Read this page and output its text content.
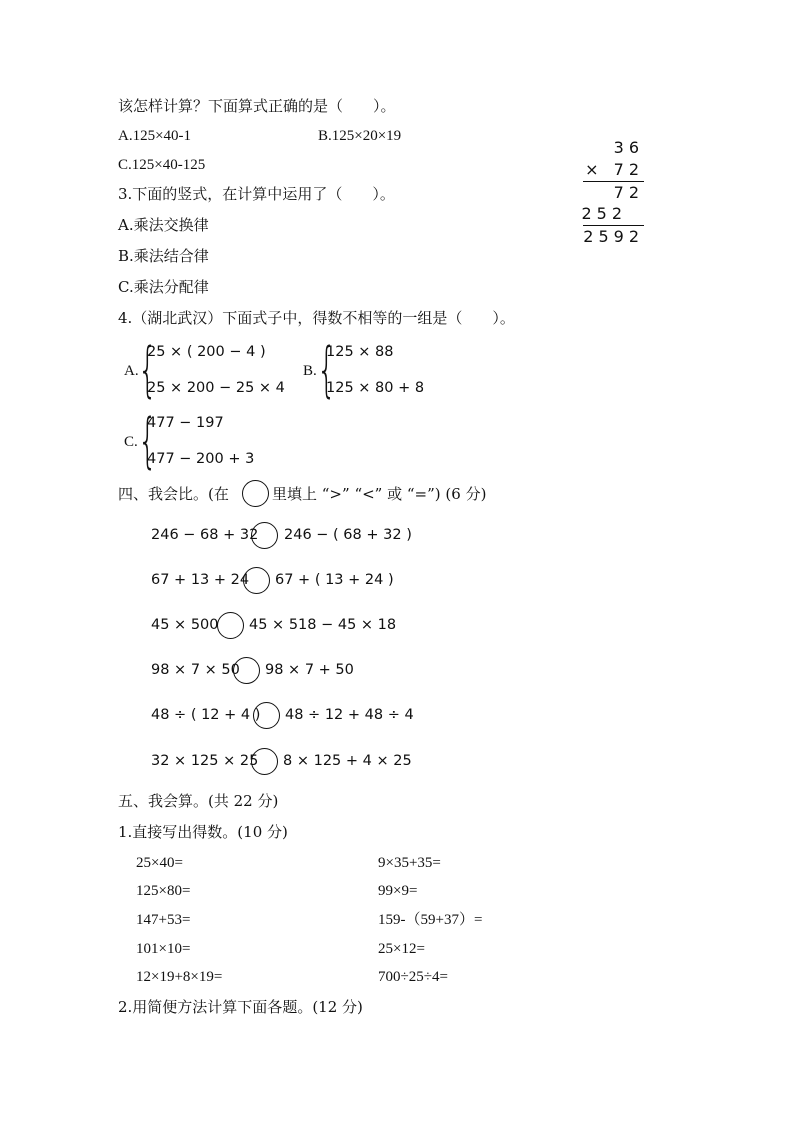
该怎样计算？下面算式正确的是（　　）。
A.125×40-1	B.125×20×19
C.125×40-125
3.下面的竖式，在计算中运用了（　　）。
A.乘法交换律
B.乘法结合律
C.乘法分配律
36
× 72
72
252
2592
4.（湖北武汉）下面式子中，得数不相等的一组是（　　）。
A. {
25 × ( 200 − 4 )
25 × 200 − 25 × 4
B. {
125 × 88
125 × 80 + 8
C. {
477 − 197
477 − 200 + 3
四、我会比。(在	里填上 “>” “<” 或 “=”) (6 分)
246 − 68 + 32 246 − ( 68 + 32 )
67 + 13 + 24 67 + ( 13 + 24 )
45 × 500 45 × 518 − 45 × 18
98 × 7 × 50 98 × 7 + 50
48 ÷ ( 12 + 4 ) 48 ÷ 12 + 48 ÷ 4
32 × 125 × 25 8 × 125 + 4 × 25
五、我会算。(共 22 分)
1.直接写出得数。(10 分)
25×40=	9×35+35=
125×80=	99×9=
147+53=	159-（59+37）=
101×10=	25×12=
12×19+8×19=	700÷25÷4=
2.用简便方法计算下面各题。(12 分)
